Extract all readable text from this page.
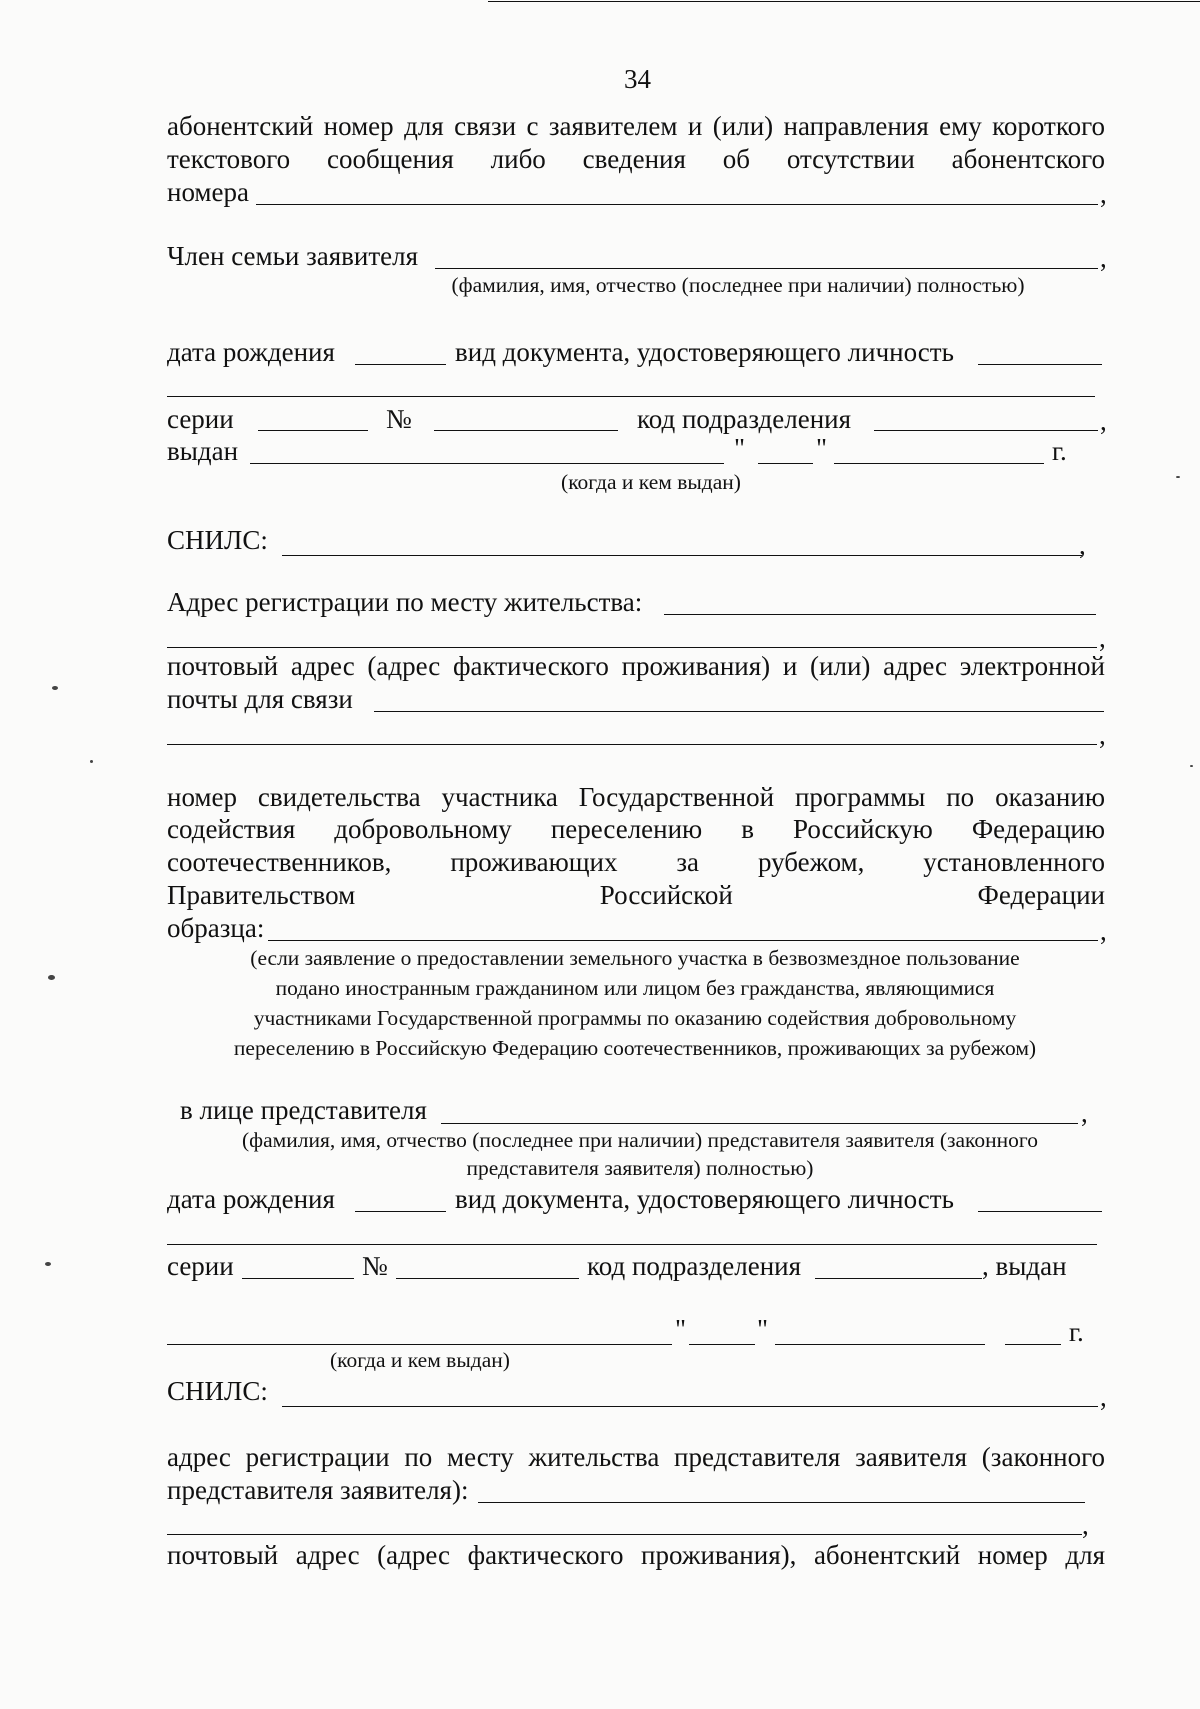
34
абонентский номер для связи с заявителем и (или) направления ему короткого
текстового сообщения либо сведения об отсутствии абонентского
номера	,
Член семьи заявителя	,
(фамилия, имя, отчество (последнее при наличии) полностью)
дата рождения	вид документа, удостоверяющего личность
серии	№	код подразделения	,
выдан	"	"	г.
(когда и кем выдан)
СНИЛС:	,
Адрес регистрации по месту жительства:
,
почтовый адрес (адрес фактического проживания) и (или) адрес электронной
почты для связи
,
номер свидетельства участника Государственной программы по оказанию
содействия добровольному переселению в Российскую Федерацию
соотечественников, проживающих за рубежом, установленного
Правительством	Российской	Федерации
образца:	,
(если заявление о предоставлении земельного участка в безвозмездное пользование
подано иностранным гражданином или лицом без гражданства, являющимися
участниками Государственной программы по оказанию содействия добровольному
переселению в Российскую Федерацию соотечественников, проживающих за рубежом)
в лице представителя	,
(фамилия, имя, отчество (последнее при наличии) представителя заявителя (законного
представителя заявителя) полностью)
дата рождения	вид документа, удостоверяющего личность
серии	№	код подразделения	, выдан
"	"	г.
(когда и кем выдан)
СНИЛС:	,
адрес регистрации по месту жительства представителя заявителя (законного
представителя заявителя):
,
почтовый адрес (адрес фактического проживания), абонентский номер для
